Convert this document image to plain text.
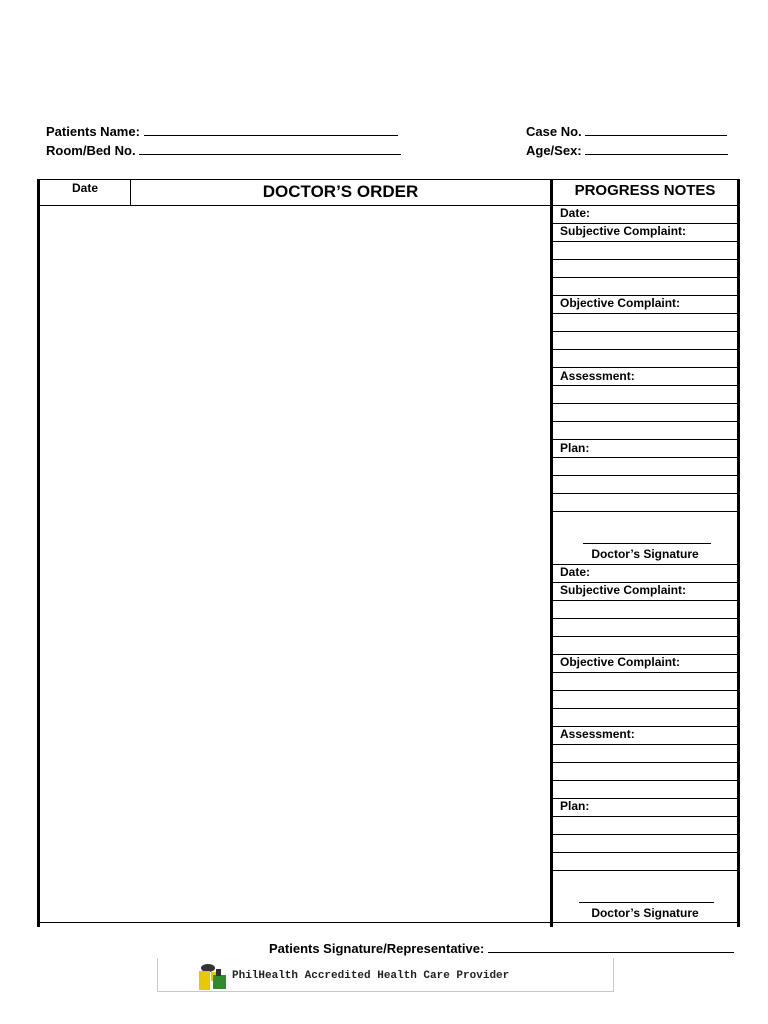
Patients Name:
Room/Bed No.
Case No.
Age/Sex:
Date	DOCTOR’S ORDER	PROGRESS NOTES
Date:
Subjective Complaint:
Objective Complaint:
Assessment:
Plan:
Doctor’s Signature
Date:
Subjective Complaint:
Objective Complaint:
Assessment:
Plan:
Doctor’s Signature
Patients Signature/Representative:
PhilHealth Accredited Health Care Provider
